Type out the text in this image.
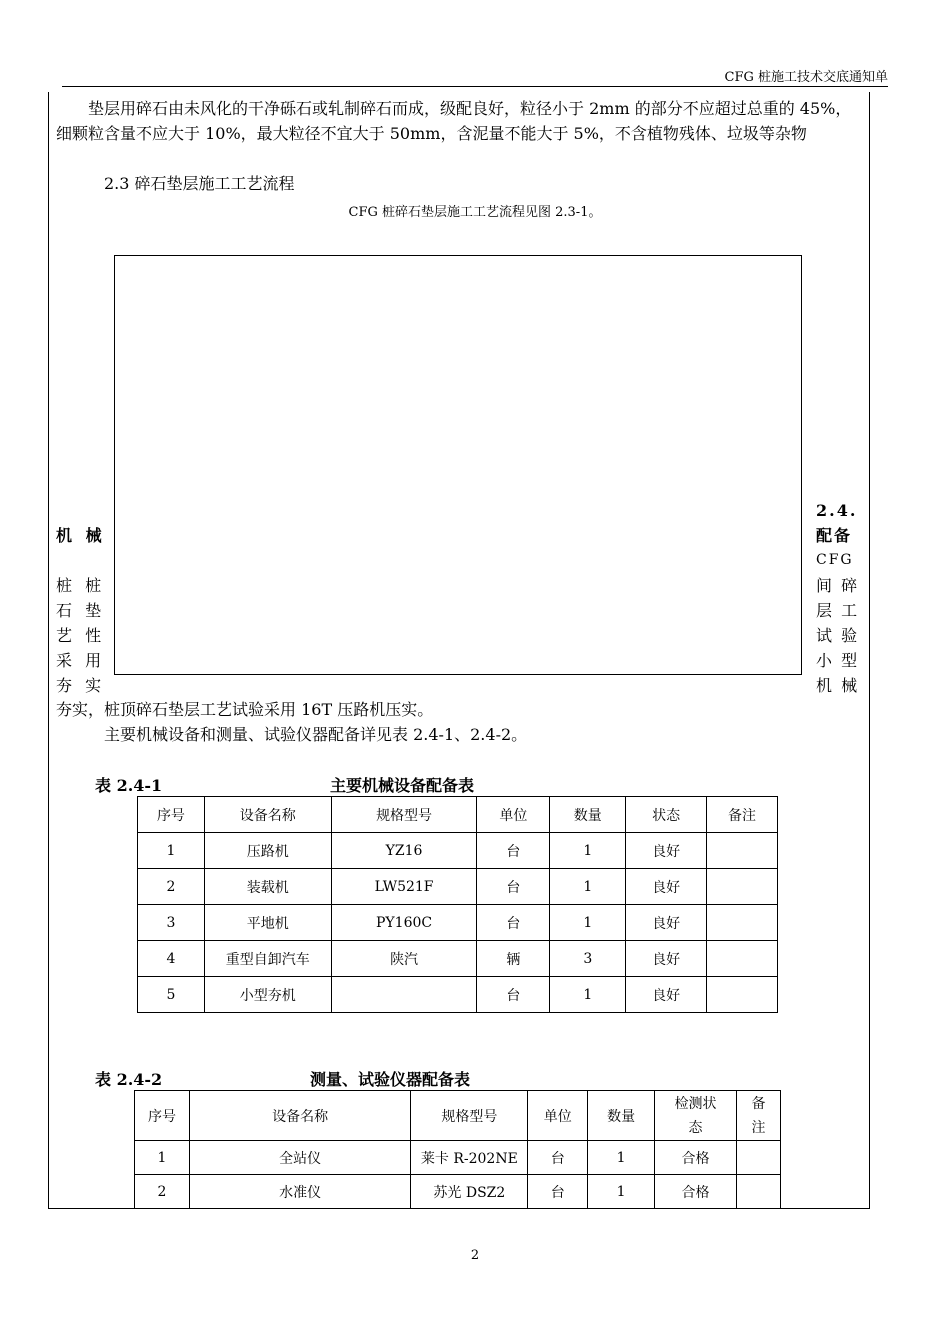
CFG 桩施工技术交底通知单
垫层用碎石由未风化的干净砾石或轧制碎石而成，级配良好，粒径小于 2mm 的部分不应超过总重的 45%，细颗粒含量不应大于 10%，最大粒径不宜大于 50mm，含泥量不能大于 5%，不含植物残体、垃圾等杂物
2.3 碎石垫层施工工艺流程
CFG 桩碎石垫层施工工艺流程见图 2.3-1。
机 械

桩 桩
石 垫
艺 性
采 用
夯 实
2.4.
配备
CFG
间 碎
层 工
试 验
小 型
机 械
夯实，桩顶碎石垫层工艺试验采用 16T 压路机压实。
主要机械设备和测量、试验仪器配备详见表 2.4-1、2.4-2。
表 2.4-1	主要机械设备配备表
序号	设备名称	规格型号	单位	数量	状态	备注
1	压路机	YZ16	台	1	良好	
2	装载机	LW521F	台	1	良好	
3	平地机	PY160C	台	1	良好	
4	重型自卸汽车	陕汽	辆	3	良好	
5	小型夯机		台	1	良好	
表 2.4-2	测量、试验仪器配备表
序号	设备名称	规格型号	单位	数量	检测状态	备注
1	全站仪	莱卡 R-202NE	台	1	合格	
2	水准仪	苏光 DSZ2	台	1	合格	
2
